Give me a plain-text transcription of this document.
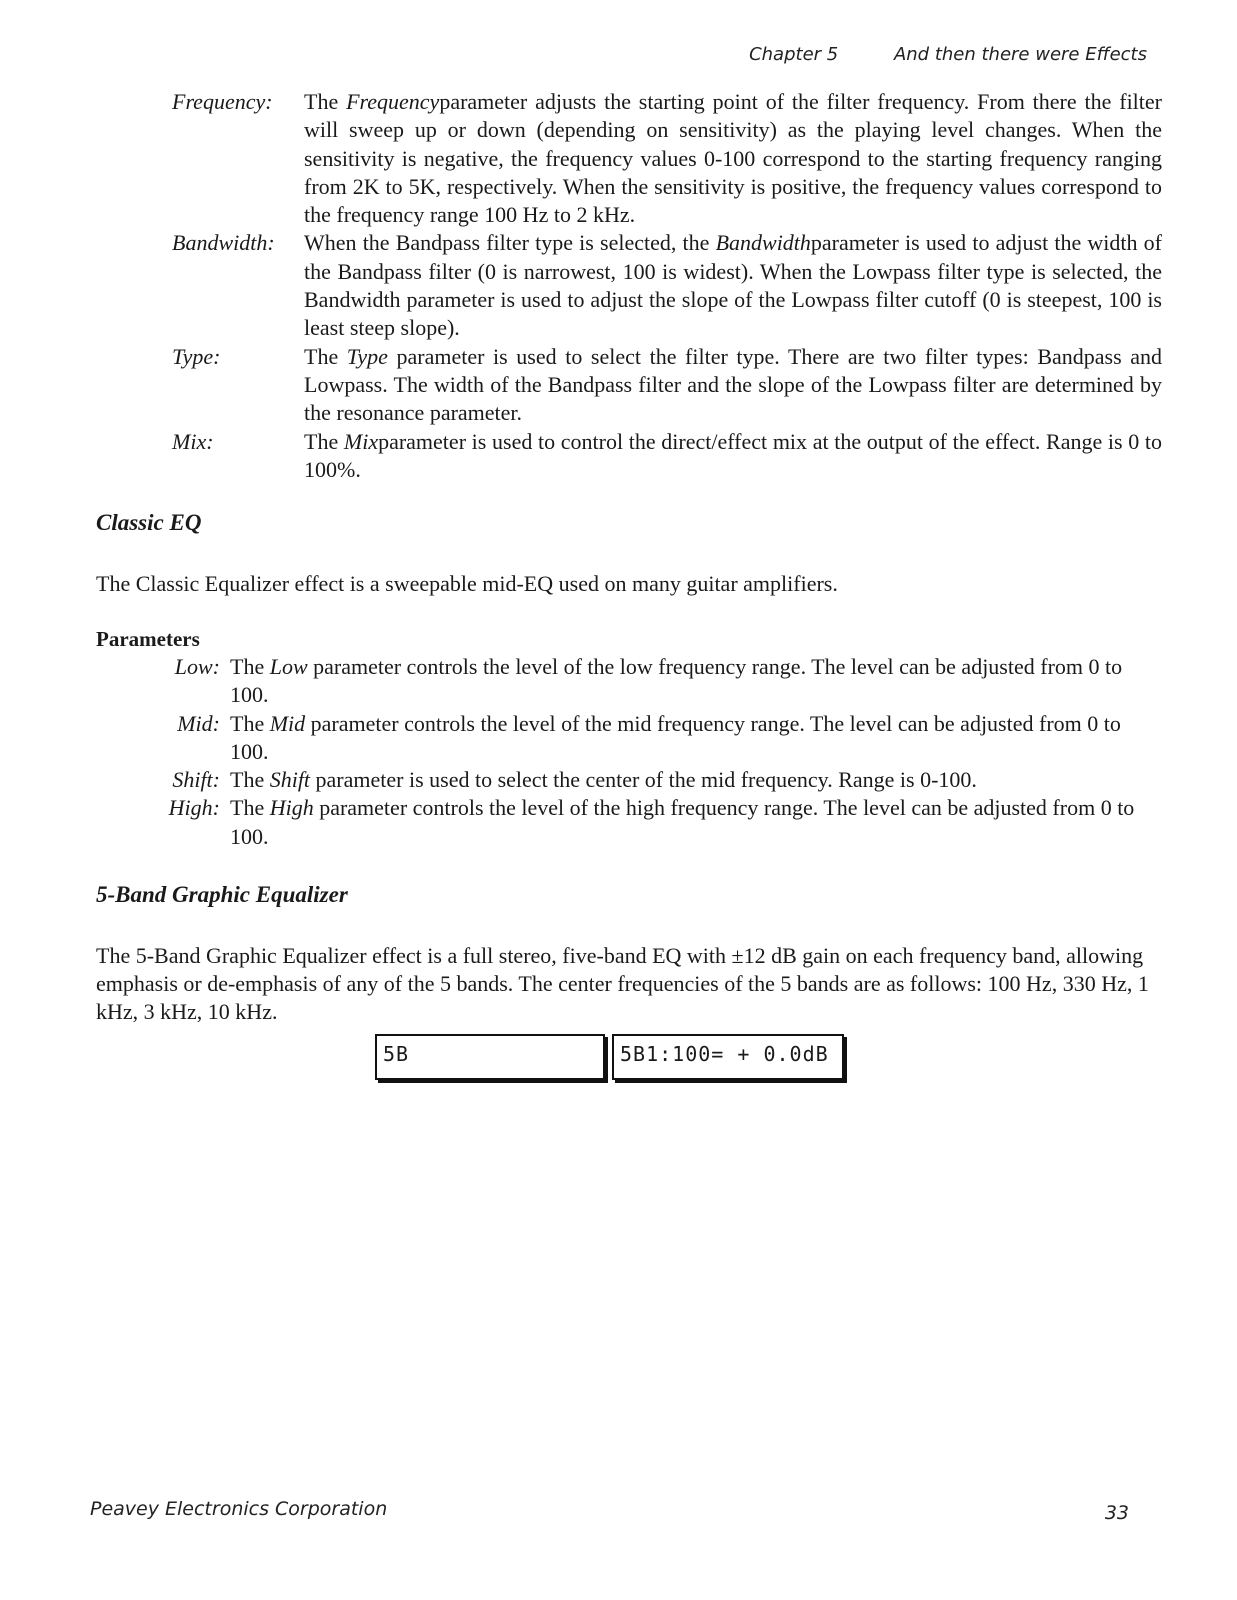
Chapter 5	And then there were Effects
Frequency:	The Frequencyparameter adjusts the starting point of the filter frequency. From there the filter will sweep up or down (depending on sensitivity) as the playing level changes. When the sensitivity is negative, the frequency values 0-100 correspond to the starting frequency ranging from 2K to 5K, respectively. When the sensitivity is positive, the frequency values correspond to the frequency range 100 Hz to 2 kHz.
Bandwidth:	When the Bandpass filter type is selected, the Bandwidthparameter is used to adjust the width of the Bandpass filter (0 is narrowest, 100 is widest). When the Lowpass filter type is selected, the Bandwidth parameter is used to adjust the slope of the Lowpass filter cutoff (0 is steepest, 100 is least steep slope).
Type:	The Type parameter is used to select the filter type. There are two filter types: Bandpass and Lowpass. The width of the Bandpass filter and the slope of the Lowpass filter are determined by the resonance parameter.
Mix:	The Mixparameter is used to control the direct/effect mix at the output of the effect. Range is 0 to 100%.
Classic EQ
The Classic Equalizer effect is a sweepable mid-EQ used on many guitar amplifiers.
Parameters
Low: The Low parameter controls the level of the low frequency range. The level can be adjusted from 0 to 100.
Mid: The Mid parameter controls the level of the mid frequency range. The level can be adjusted from 0 to 100.
Shift: The Shift parameter is used to select the center of the mid frequency. Range is 0-100.
High: The High parameter controls the level of the high frequency range. The level can be adjusted from 0 to 100.
5-Band Graphic Equalizer
The 5-Band Graphic Equalizer effect is a full stereo, five-band EQ with ±12 dB gain on each frequency band, allowing emphasis or de-emphasis of any of the 5 bands. The center frequencies of the 5 bands are as follows: 100 Hz, 330 Hz, 1 kHz, 3 kHz, 10 kHz.
5B	5B1:100= + 0.0dB
Peavey Electronics Corporation	33
